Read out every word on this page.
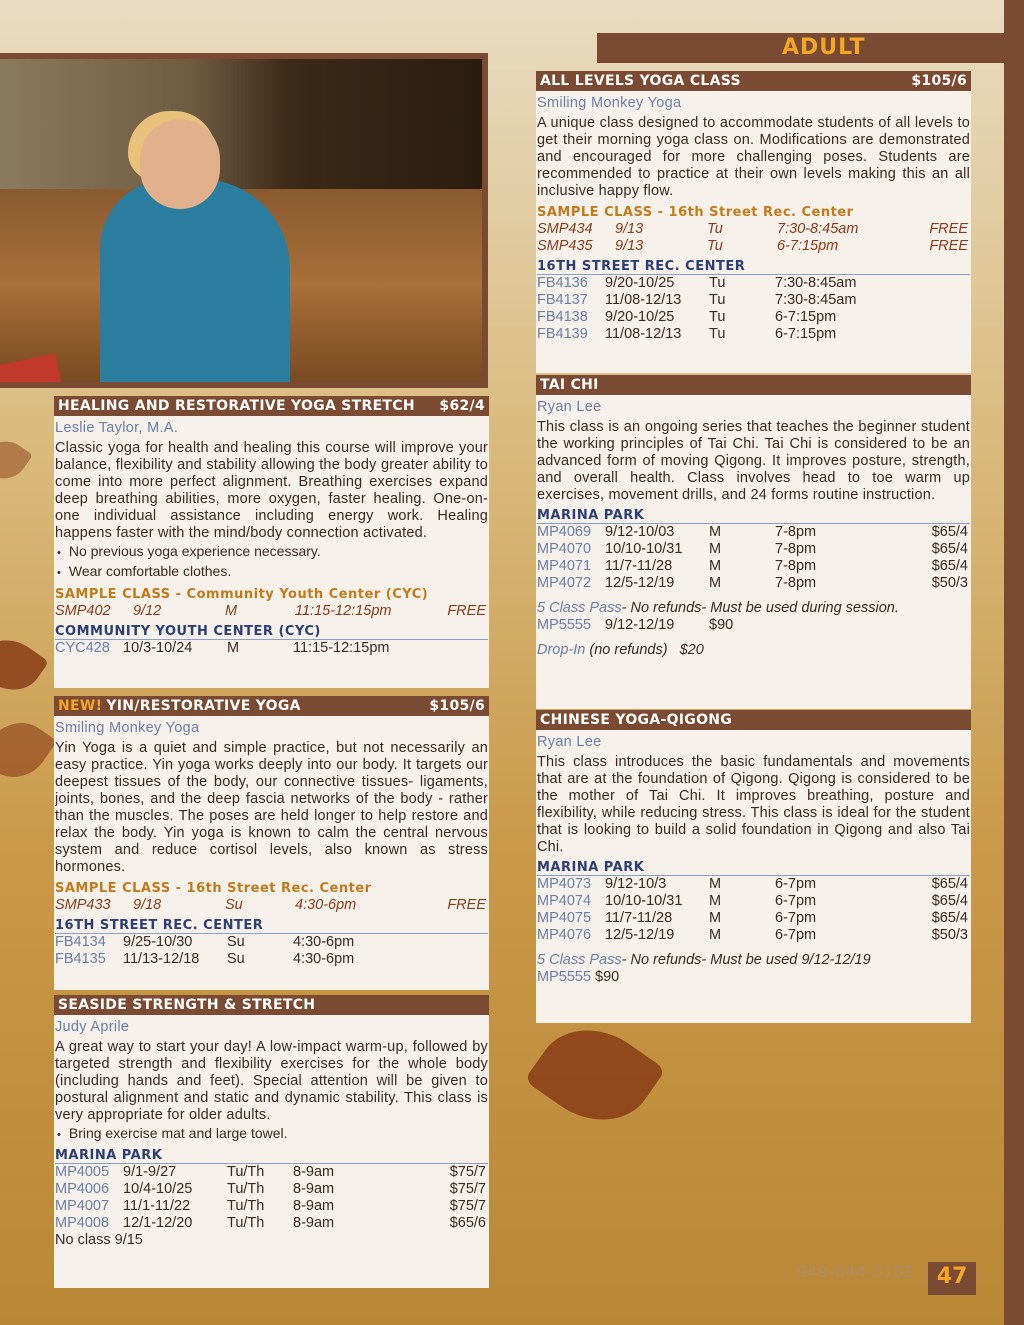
ADULT
HEALING AND RESTORATIVE YOGA STRETCH $62/4
Leslie Taylor, M.A.
Classic yoga for health and healing this course will improve your balance, flexibility and stability allowing the body greater ability to come into more perfect alignment. Breathing exercises expand deep breathing abilities, more oxygen, faster healing. One-on-one individual assistance including energy work. Healing happens faster with the mind/body connection activated.
• No previous yoga experience necessary.
• Wear comfortable clothes.
SAMPLE CLASS - Community Youth Center (CYC)
SMP402 9/12	M	11:15-12:15pm	FREE
COMMUNITY YOUTH CENTER (CYC)
CYC428 10/3-10/24 M	11:15-12:15pm
NEW! YIN/RESTORATIVE YOGA	$105/6
Smiling Monkey Yoga
Yin Yoga is a quiet and simple practice, but not necessarily an easy practice. Yin yoga works deeply into our body. It targets our deepest tissues of the body, our connective tissues- ligaments, joints, bones, and the deep fascia networks of the body - rather than the muscles. The poses are held longer to help restore and relax the body. Yin yoga is known to calm the central nervous system and reduce cortisol levels, also known as stress hormones.
SAMPLE CLASS - 16th Street Rec. Center
SMP433 9/18	Su	4:30-6pm	FREE
16TH STREET REC. CENTER
FB4134 9/25-10/30 Su	4:30-6pm
FB4135 11/13-12/18 Su	4:30-6pm
SEASIDE STRENGTH & STRETCH
Judy Aprile
A great way to start your day! A low-impact warm-up, followed by targeted strength and flexibility exercises for the whole body (including hands and feet). Special attention will be given to postural alignment and static and dynamic stability. This class is very appropriate for older adults.
• Bring exercise mat and large towel.
MARINA PARK
MP4005 9/1-9/27	Tu/Th 8-9am	$75/7
MP4006 10/4-10/25 Tu/Th 8-9am	$75/7
MP4007 11/1-11/22	Tu/Th 8-9am	$75/7
MP4008 12/1-12/20 Tu/Th 8-9am	$65/6
No class 9/15
ALL LEVELS YOGA CLASS	$105/6
Smiling Monkey Yoga
A unique class designed to accommodate students of all levels to get their morning yoga class on. Modifications are demonstrated and encouraged for more challenging poses. Students are recommended to practice at their own levels making this an all inclusive happy flow.
SAMPLE CLASS - 16th Street Rec. Center
SMP434 9/13	Tu	7:30-8:45am	FREE
SMP435 9/13	Tu	6-7:15pm	FREE
16TH STREET REC. CENTER
FB4136 9/20-10/25 Tu	7:30-8:45am
FB4137 11/08-12/13 Tu	7:30-8:45am
FB4138 9/20-10/25 Tu	6-7:15pm
FB4139 11/08-12/13 Tu	6-7:15pm
TAI CHI
Ryan Lee
This class is an ongoing series that teaches the beginner student the working principles of Tai Chi. Tai Chi is considered to be an advanced form of moving Qigong. It improves posture, strength, and overall health. Class involves head to toe warm up exercises, movement drills, and 24 forms routine instruction.
MARINA PARK
MP4069 9/12-10/03 M	7-8pm	$65/4
MP4070 10/10-10/31 M	7-8pm	$65/4
MP4071 11/7-11/28	M	7-8pm	$65/4
MP4072 12/5-12/19 M	7-8pm	$50/3
5 Class Pass- No refunds- Must be used during session.
MP5555 9/12-12/19 $90
Drop-In (no refunds) $20
CHINESE YOGA-QIGONG
Ryan Lee
This class introduces the basic fundamentals and movements that are at the foundation of Qigong. Qigong is considered to be the mother of Tai Chi. It improves breathing, posture and flexibility, while reducing stress. This class is ideal for the student that is looking to build a solid foundation in Qigong and also Tai Chi.
MARINA PARK
MP4073 9/12-10/3	M	6-7pm	$65/4
MP4074 10/10-10/31 M	6-7pm	$65/4
MP4075 11/7-11/28	M	6-7pm	$65/4
MP4076 12/5-12/19 M	6-7pm	$50/3
5 Class Pass- No refunds- Must be used 9/12-12/19
MP5555 $90
949-644-3151 47
